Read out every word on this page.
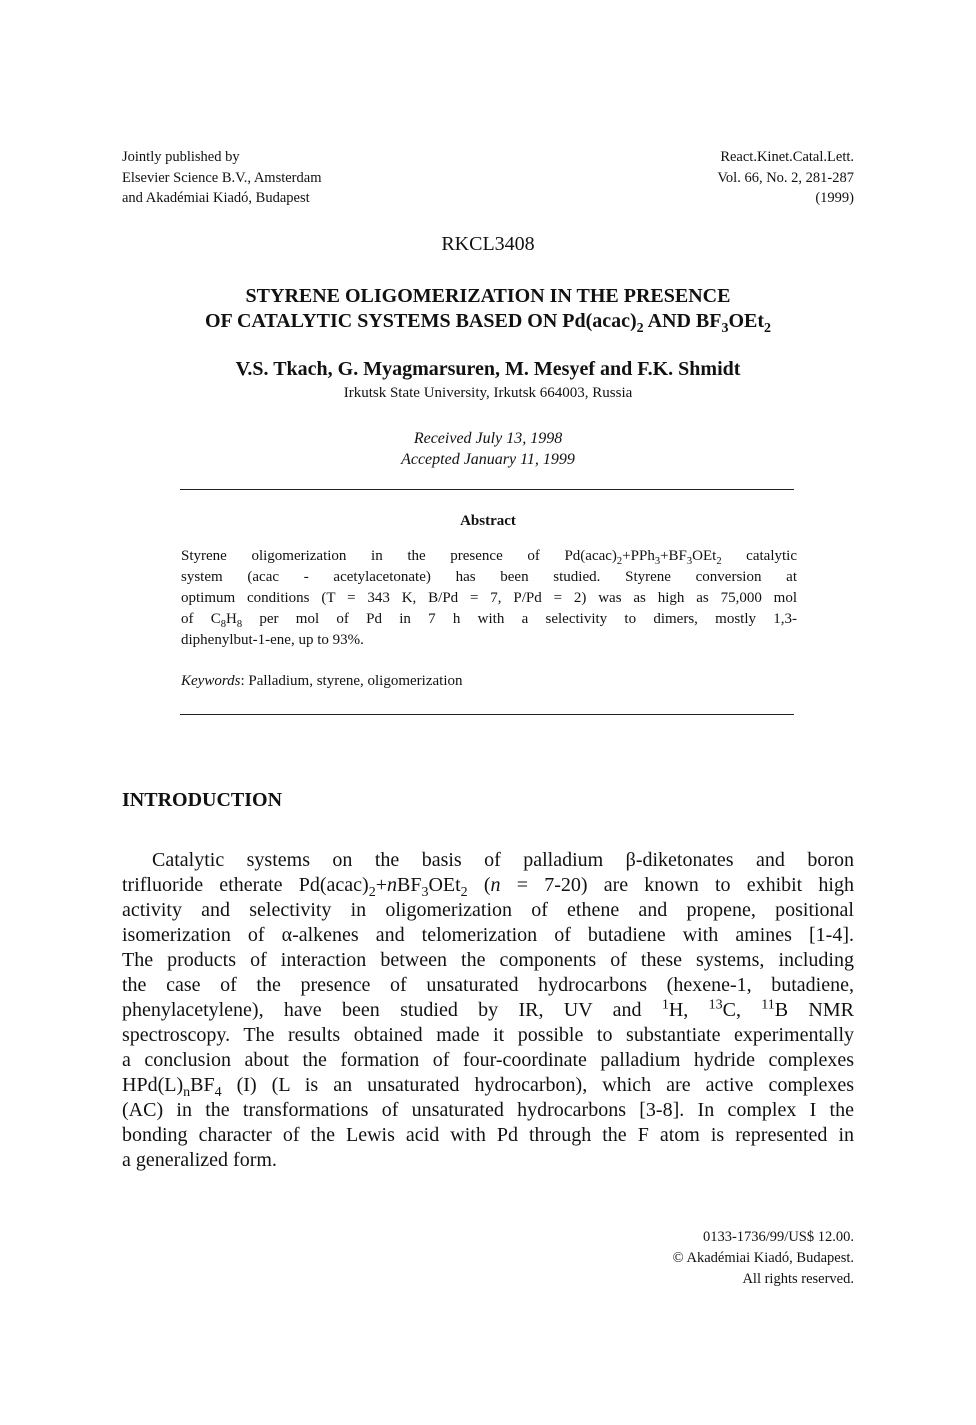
Jointly published by
Elsevier Science B.V., Amsterdam
and Akadémiai Kiadó, Budapest
React.Kinet.Catal.Lett.
Vol. 66, No. 2, 281-287
(1999)
RKCL3408
STYRENE OLIGOMERIZATION IN THE PRESENCE
OF CATALYTIC SYSTEMS BASED ON $Pd(acac)_2$ AND $BF_3OEt_2$
V.S. Tkach, G. Myagmarsuren, M. Mesyef and F.K. Shmidt
Irkutsk State University, Irkutsk 664003, Russia
Received July 13, 1998
Accepted January 11, 1999
Abstract
Styrene oligomerization in the presence of $Pd(acac)_2+PPh_3+BF_3OEt_2$ catalytic
system (acac - acetylacetonate) has been studied. Styrene conversion at
optimum conditions (T = 343 K, B/Pd = 7, P/Pd = 2) was as high as 75,000 mol
of $C_8H_8$ per mol of Pd in 7 h with a selectivity to dimers, mostly 1,3-
diphenylbut-1-ene, up to 93%.
Keywords: Palladium, styrene, oligomerization
INTRODUCTION
Catalytic systems on the basis of palladium β-diketonates and boron
trifluoride etherate $Pd(acac)_2+nBF_3OEt_2$ (n = 7-20) are known to exhibit high
activity and selectivity in oligomerization of ethene and propene, positional
isomerization of α-alkenes and telomerization of butadiene with amines [1-4].
The products of interaction between the components of these systems, including
the case of the presence of unsaturated hydrocarbons (hexene-1, butadiene,
phenylacetylene), have been studied by IR, UV and $^1$H, $^{13}$C, $^{11}$B NMR
spectroscopy. The results obtained made it possible to substantiate experimentally
a conclusion about the formation of four-coordinate palladium hydride complexes
$HPd(L)_nBF_4$ (I) (L is an unsaturated hydrocarbon), which are active complexes
(AC) in the transformations of unsaturated hydrocarbons [3-8]. In complex I the
bonding character of the Lewis acid with Pd through the F atom is represented in
a generalized form.
0133-1736/99/US$ 12.00.
© Akadémiai Kiadó, Budapest.
All rights reserved.
